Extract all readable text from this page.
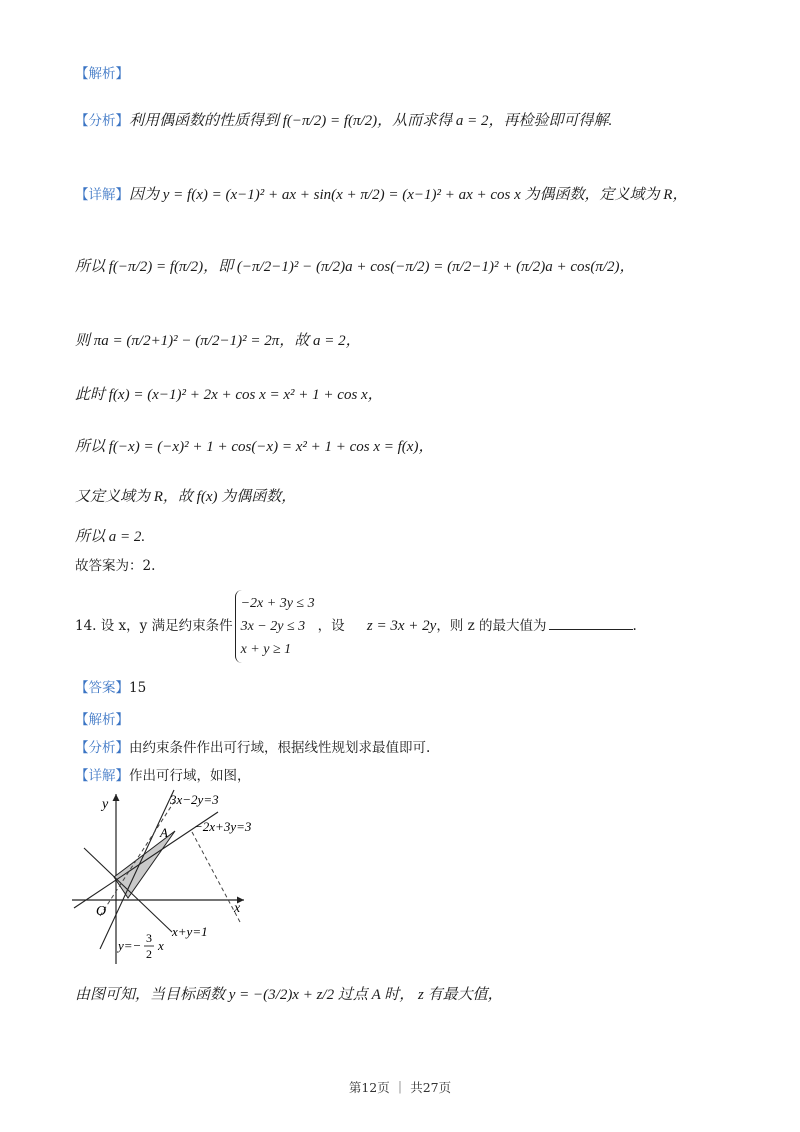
【解析】
【分析】利用偶函数的性质得到 f(−π/2) = f(π/2)，从而求得 a = 2，再检验即可得解.
【详解】因为 y = f(x) = (x−1)² + ax + sin(x + π/2) = (x−1)² + ax + cos x 为偶函数，定义域为 R，
所以 f(−π/2) = f(π/2)，即 (−π/2−1)² − (π/2)a + cos(−π/2) = (π/2−1)² + (π/2)a + cos(π/2)，
则 πa = (π/2+1)² − (π/2−1)² = 2π，故 a = 2，
此时 f(x) = (x−1)² + 2x + cos x = x² + 1 + cos x，
所以 f(−x) = (−x)² + 1 + cos(−x) = x² + 1 + cos x = f(x)，
又定义域为 R，故 f(x) 为偶函数，
所以 a = 2.
故答案为：2.
14. 设 x，y 满足约束条件
−2x + 3y ≤ 3
3x − 2y ≤ 3
x + y ≥ 1
，设 z = 3x + 2y，则 z 的最大值为	.
【答案】15
【解析】
【分析】由约束条件作出可行域，根据线性规划求最值即可.
【详解】作出可行域，如图，
y
x
O
A
3x−2y=3
−2x+3y=3
x+y=1
y=− 3
2
x
由图可知，当目标函数 y = −(3/2)x + z/2 过点 A 时， z 有最大值，
第12页 ｜ 共27页
